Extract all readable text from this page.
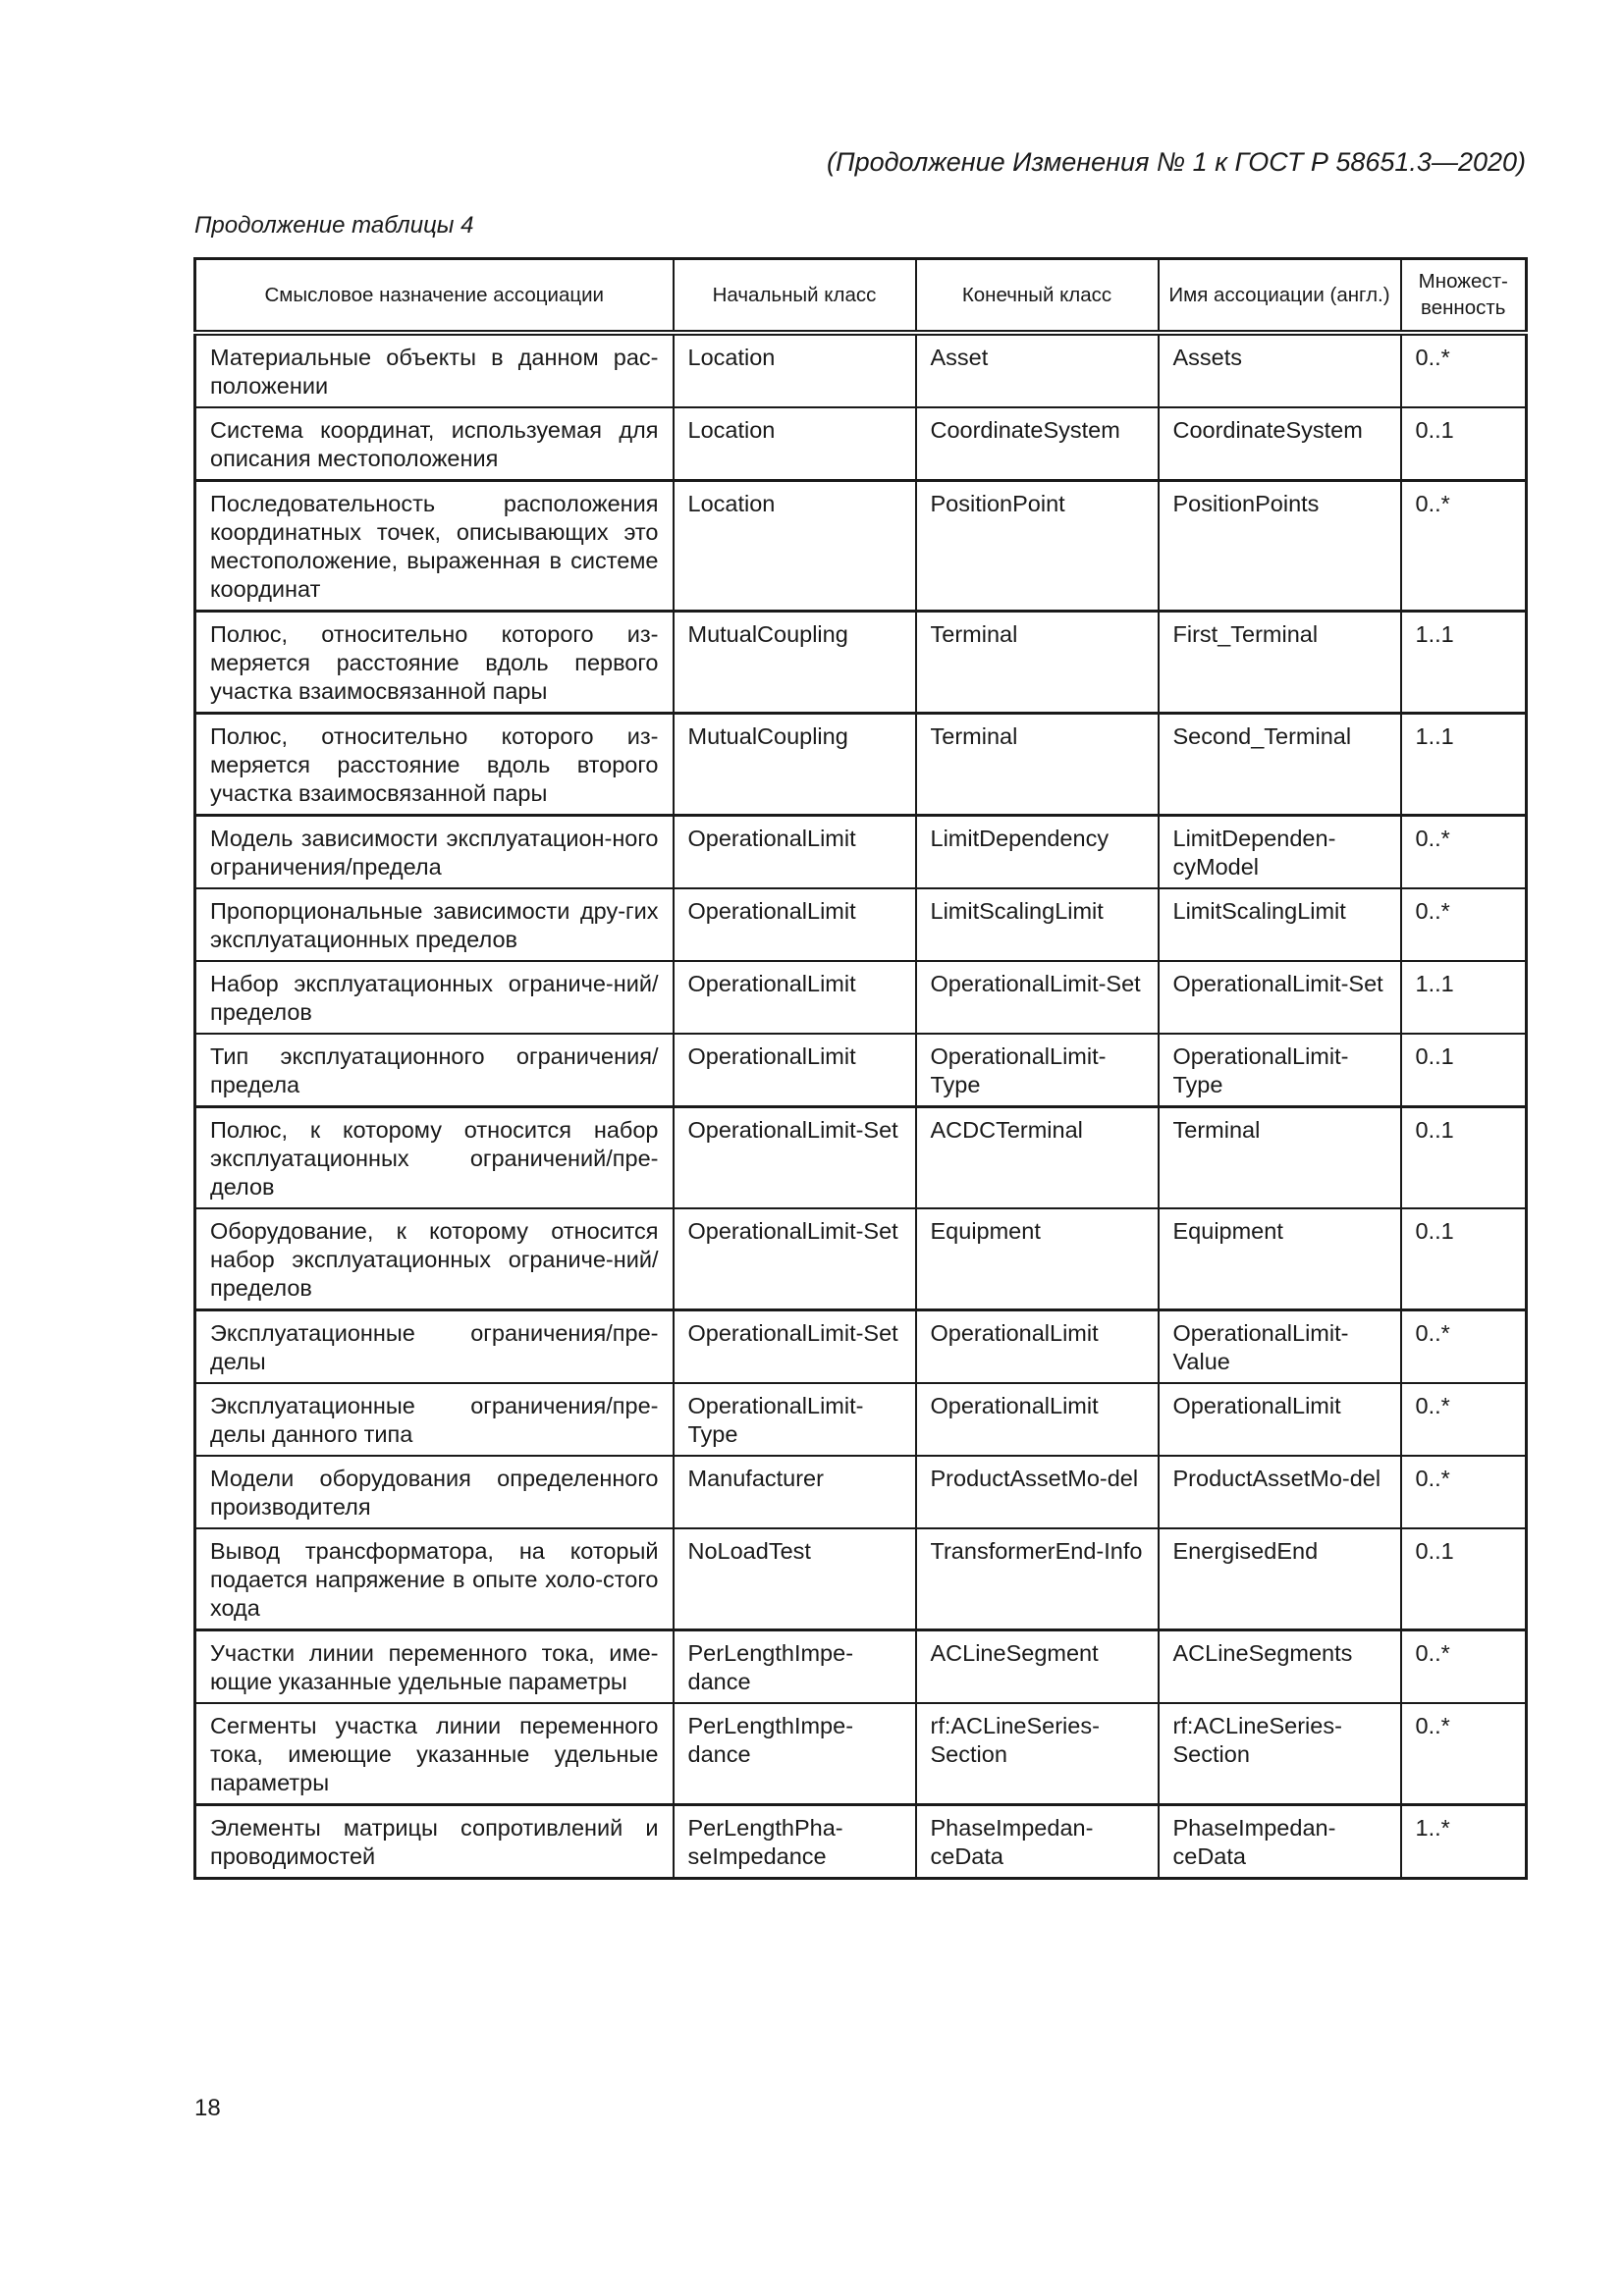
(Продолжение Изменения № 1 к ГОСТ Р 58651.3—2020)
Продолжение таблицы 4
Смысловое назначение ассоциации	Начальный класс	Конечный класс	Имя ассоциации (англ.)	Множест-венность
Материальные объекты в данном рас-положении	Location	Asset	Assets	0..*
Система координат, используемая для описания местоположения	Location	CoordinateSystem	CoordinateSystem	0..1
Последовательность расположения координатных точек, описывающих это местоположение, выраженная в системе координат	Location	PositionPoint	PositionPoints	0..*
Полюс, относительно которого из-меряется расстояние вдоль первого участка взаимосвязанной пары	MutualCoupling	Terminal	First_Terminal	1..1
Полюс, относительно которого из-меряется расстояние вдоль второго участка взаимосвязанной пары	MutualCoupling	Terminal	Second_Terminal	1..1
Модель зависимости эксплуатацион-ного ограничения/предела	OperationalLimit	LimitDependency	LimitDependen-cyModel	0..*
Пропорциональные зависимости дру-гих эксплуатационных пределов	OperationalLimit	LimitScalingLimit	LimitScalingLimit	0..*
Набор эксплуатационных ограниче-ний/пределов	OperationalLimit	OperationalLimit-Set	OperationalLimit-Set	1..1
Тип эксплуатационного ограничения/ предела	OperationalLimit	OperationalLimit-Type	OperationalLimit-Type	0..1
Полюс, к которому относится набор эксплуатационных ограничений/пре-делов	OperationalLimit-Set	ACDCTerminal	Terminal	0..1
Оборудование, к которому относится набор эксплуатационных ограниче-ний/пределов	OperationalLimit-Set	Equipment	Equipment	0..1
Эксплуатационные ограничения/пре-делы	OperationalLimit-Set	OperationalLimit	OperationalLimit-Value	0..*
Эксплуатационные ограничения/пре-делы данного типа	OperationalLimit-Type	OperationalLimit	OperationalLimit	0..*
Модели оборудования определенного производителя	Manufacturer	ProductAssetMo-del	ProductAssetMo-del	0..*
Вывод трансформатора, на который подается напряжение в опыте холо-стого хода	NoLoadTest	TransformerEnd-Info	EnergisedEnd	0..1
Участки линии переменного тока, име-ющие указанные удельные параметры	PerLengthImpe-dance	ACLineSegment	ACLineSegments	0..*
Сегменты участка линии переменного тока, имеющие указанные удельные параметры	PerLengthImpe-dance	rf:ACLineSeries-Section	rf:ACLineSeries-Section	0..*
Элементы матрицы сопротивлений и проводимостей	PerLengthPha-seImpedance	PhaseImpedan-ceData	PhaseImpedan-ceData	1..*
18
